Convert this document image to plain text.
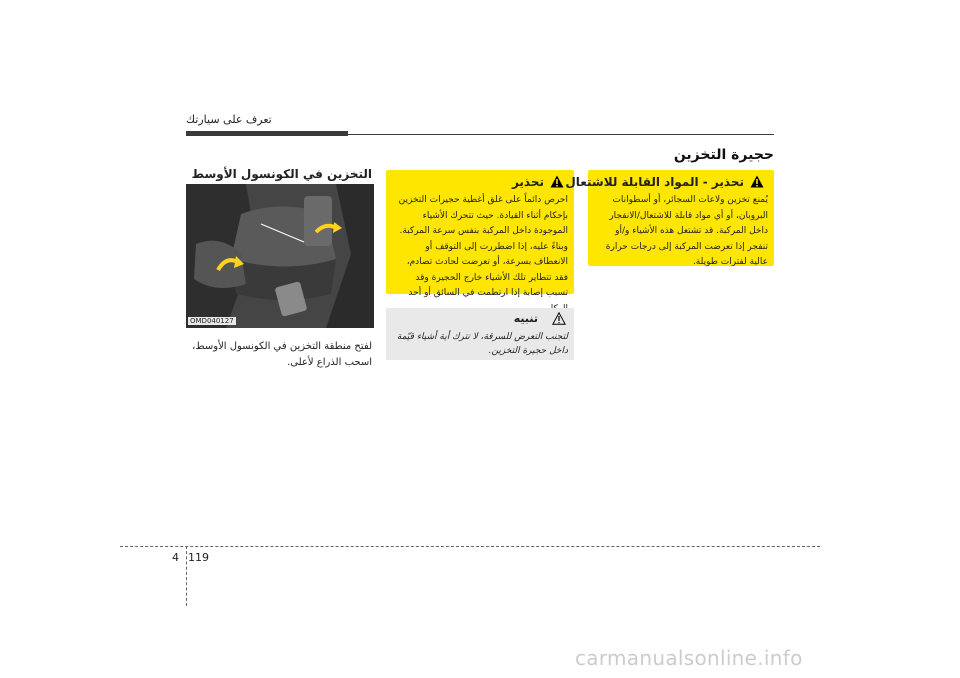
تعرف على سيارتك
حجيرة التخزين
التخزين في الكونسول الأوسط
OMD040127
لفتح منطقة التخزين في الكونسول الأوسط، اسحب الذراع لأعلى.
تحذير
احرص دائماً على غلق أغطية حجيرات التخزين بإحكام أثناء القيادة. حيث تتحرك الأشياء الموجودة داخل المركبة بنفس سرعة المركبة. وبناءً عليه، إذا اضطررت إلى التوقف أو الانعطاف بسرعة، أو تعرضت لحادث تصادم، فقد تتطاير تلك الأشياء خارج الحجيرة وقد تسبب إصابة إذا ارتطمت في السائق أو أحد
تحذير - المواد القابلة للاشتعال
يُمنع تخزين ولاعات السجائر، أو أسطوانات البروبان، أو أي مواد قابلة للاشتعال/الانفجار داخل المركبة. قد تشتعل هذه الأشياء و/أو تنفجر إذا تعرضت المركبة إلى درجات حرارة عالية لفترات طويلة.
تنبيه
لتجنب التعرض للسرقة، لا تترك أية أشياء قيّمة داخل حجيرة التخزين.
4 119
carmanualsonline.info
